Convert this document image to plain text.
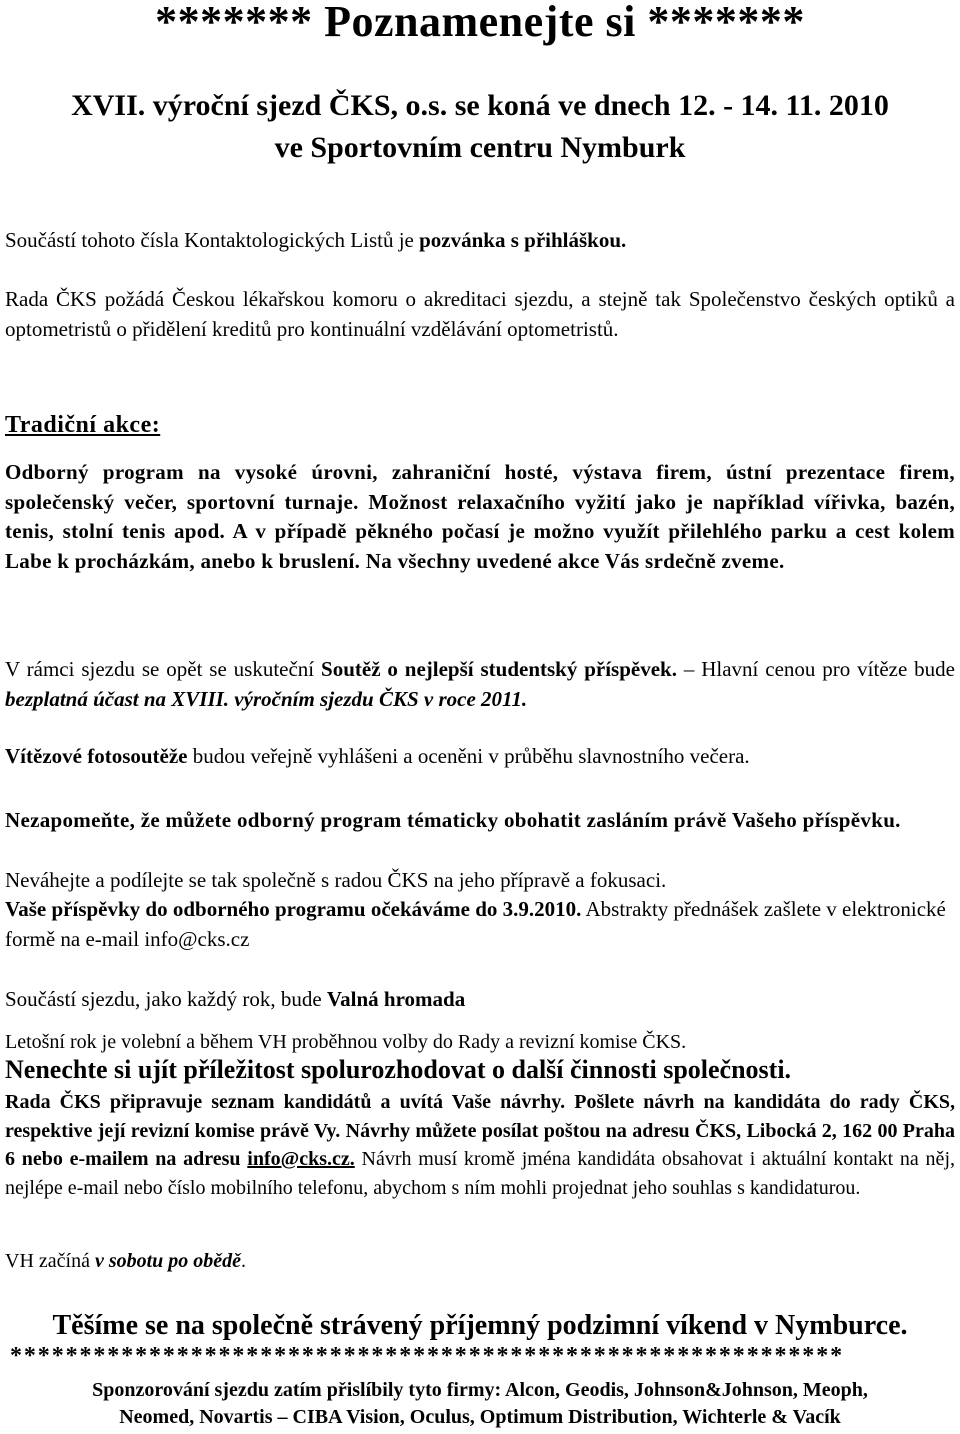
******* Poznamenejte si *******
XVII. výroční sjezd ČKS, o.s. se koná ve dnech 12. - 14. 11. 2010
ve Sportovním centru Nymburk
Součástí tohoto čísla Kontaktologických Listů je pozvánka s přihláškou.
Rada ČKS požádá Českou lékařskou komoru o akreditaci sjezdu, a stejně tak Společenstvo českých optiků a optometristů o přidělení kreditů pro kontinuální vzdělávání optometristů.
Tradiční akce:
Odborný program na vysoké úrovni, zahraniční hosté, výstava firem, ústní prezentace firem, společenský večer, sportovní turnaje. Možnost relaxačního vyžití jako je například vířivka, bazén, tenis, stolní tenis apod. A v případě pěkného počasí je možno využít přilehlého parku a cest kolem Labe k procházkám, anebo k bruslení. Na všechny uvedené akce Vás srdečně zveme.
V rámci sjezdu se opět se uskuteční Soutěž o nejlepší studentský příspěvek. – Hlavní cenou pro vítěze bude bezplatná účast na XVIII. výročním sjezdu ČKS v roce 2011.
Vítězové fotosoutěže budou veřejně vyhlášeni a oceněni v průběhu slavnostního večera.
Nezapomeňte, že můžete odborný program tématicky obohatit zasláním právě Vašeho příspěvku.
Neváhejte a podílejte se tak společně s radou ČKS na jeho přípravě a fokusaci.
Vaše příspěvky do odborného programu očekáváme do 3.9.2010. Abstrakty přednášek zašlete v elektronické formě na e-mail info@cks.cz
Součástí sjezdu, jako každý rok, bude Valná hromada
Letošní rok je volební a během VH proběhnou volby do Rady a revizní komise ČKS.
Nenechte si ujít příležitost spolurozhodovat o další činnosti společnosti.
Rada ČKS připravuje seznam kandidátů a uvítá Vaše návrhy. Pošlete návrh na kandidáta do rady ČKS, respektive její revizní komise právě Vy. Návrhy můžete posílat poštou na adresu ČKS, Libocká 2, 162 00 Praha 6 nebo e-mailem na adresu info@cks.cz. Návrh musí kromě jména kandidáta obsahovat i aktuální kontakt na něj, nejlépe e-mail nebo číslo mobilního telefonu, abychom s ním mohli projednat jeho souhlas s kandidaturou.
VH začíná v sobotu po obědě.
Těšíme se na společně strávený příjemný podzimní víkend v Nymburce.
************************************************************
Sponzorování sjezdu zatím přislíbily tyto firmy: Alcon, Geodis, Johnson&Johnson, Meoph,
Neomed, Novartis – CIBA Vision, Oculus, Optimum Distribution, Wichterle & Vacík
